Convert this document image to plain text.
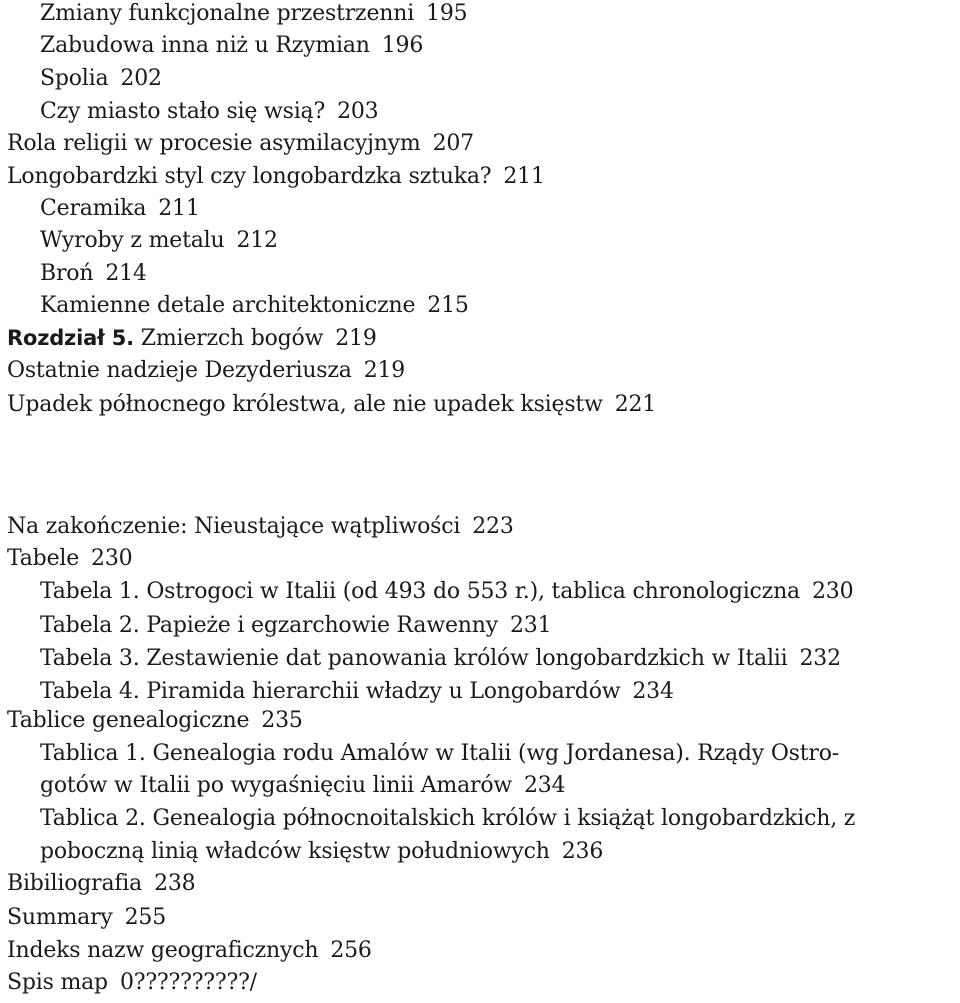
Zmiany funkcjonalne przestrzenni 195
Zabudowa inna niż u Rzymian 196
Spolia 202
Czy miasto stało się wsią? 203
Rola religii w procesie asymilacyjnym 207
Longobardzki styl czy longobardzka sztuka? 211
Ceramika 211
Wyroby z metalu 212
Broń 214
Kamienne detale architektoniczne 215
Rozdział 5. Zmierzch bogów 219
Ostatnie nadzieje Dezyderiusza 219
Upadek północnego królestwa, ale nie upadek księstw 221
Na zakończenie: Nieustające wątpliwości 223
Tabele 230
Tabela 1. Ostrogoci w Italii (od 493 do 553 r.), tablica chronologiczna 230
Tabela 2. Papieże i egzarchowie Rawenny 231
Tabela 3. Zestawienie dat panowania królów longobardzkich w Italii 232
Tabela 4. Piramida hierarchii władzy u Longobardów 234
Tablice genealogiczne 235
Tablica 1. Genealogia rodu Amalów w Italii (wg Jordanesa). Rządy Ostro-
gotów w Italii po wygaśnięciu linii Amarów 234
Tablica 2. Genealogia północnoitalskich królów i książąt longobardzkich, z
poboczną linią władców księstw południowych 236
Bibiliografia 238
Summary 255
Indeks nazw geograficznych 256
Spis map 0??????????/
